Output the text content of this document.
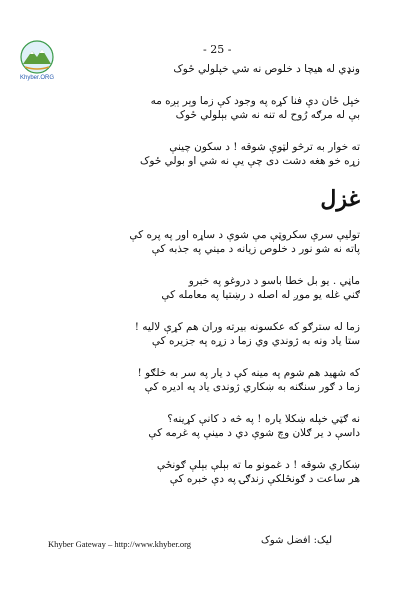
Khyber.ORG
- 25 -
ونډي له هيچا د خلوص نه شي خپلولي ځوک
خپل ځان دې فنا کړه په وجود کې زما وېر ېږه مه
بې له مرګه رُوح له تنه نه شي بېلولي ځوک
ته خوار به ترڅو لټوې شوقه ! د سکون چينې
زړه خو هغه دشت دی چې يې نه شي او بولي ځوک
غزل
توليې سرې سکروټې مې شوې د ساړه اور په پره کې
پاته نه شو نور د خلوص زيانه د ميني په جذبه کې
ماڼي . يو بل خطا باسو د دروغو په خبرو
ګني غله يو موږ له اصله د رښتيا په معامله کې
زما له سترګو که عکسونه بيرته وران هم کړې لاليه !
ستا ياد ونه به ژوندي وي زما د زړه په جزيره کې
که شهيد هم شوم په مينه کې د يار په سر به خلګو !
زما د ګور سنګنه به ښکاري ژوندی ياد په اديره کې
نه ګټي خپله ښکلا ياره ! په څه د کانې کړينه؟
داسې د ير ګلان وچ شوې دي د مينې په غرمه کې
ښکاري شوقه ! د غمونو ما ته بېلې بېلې ګونځې
هر ساعت د ګونځلکې زندګۍ په دې خبره کې
Khyber Gateway – http://www.khyber.org	ليک: افضل شوک
